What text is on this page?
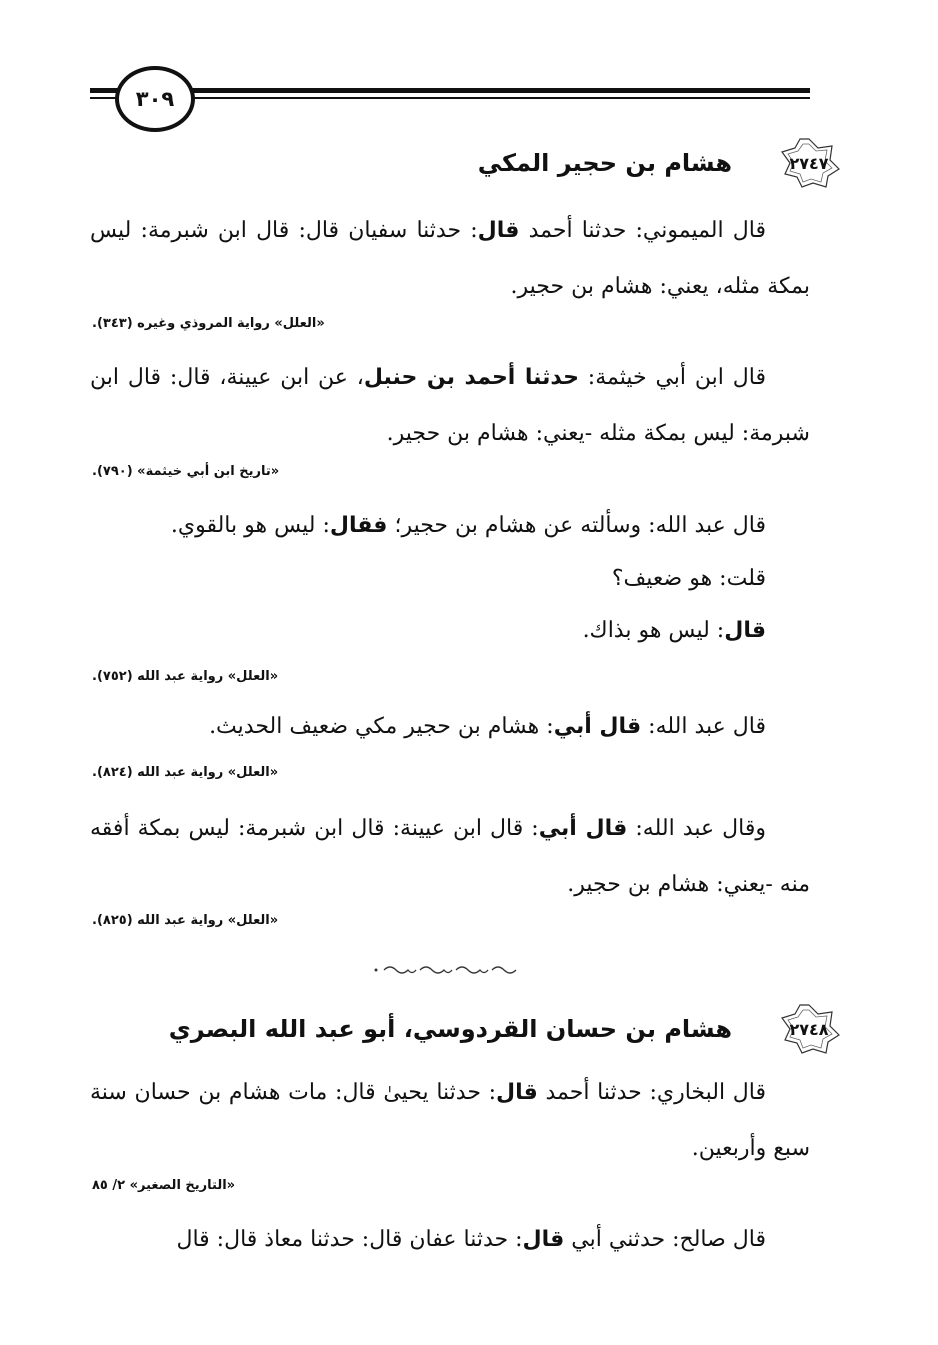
٣٠٩
٢٧٤٧
هشام بن حجير المكي
قال الميموني: حدثنا أحمد قال: حدثنا سفيان قال: قال ابن شبرمة: ليس بمكة مثله، يعني: هشام بن حجير.
«العلل» رواية المروذي وغيره (٣٤٣).
قال ابن أبي خيثمة: حدثنا أحمد بن حنبل، عن ابن عيينة، قال: قال ابن شبرمة: ليس بمكة مثله -يعني: هشام بن حجير.
«تاريخ ابن أبي خيثمة» (٧٩٠).
قال عبد الله: وسألته عن هشام بن حجير؛ فقال: ليس هو بالقوي.
قلت: هو ضعيف؟
قال: ليس هو بذاك.
«العلل» رواية عبد الله (٧٥٢).
قال عبد الله: قال أبي: هشام بن حجير مكي ضعيف الحديث.
«العلل» رواية عبد الله (٨٢٤).
وقال عبد الله: قال أبي: قال ابن عيينة: قال ابن شبرمة: ليس بمكة أفقه منه -يعني: هشام بن حجير.
«العلل» رواية عبد الله (٨٢٥).
٢٧٤٨
هشام بن حسان القردوسي، أبو عبد الله البصري
قال البخاري: حدثنا أحمد قال: حدثنا يحيىٰ قال: مات هشام بن حسان سنة سبع وأربعين.
«التاريخ الصغير» ٢/ ٨٥
قال صالح: حدثني أبي قال: حدثنا عفان قال: حدثنا معاذ قال: قال
